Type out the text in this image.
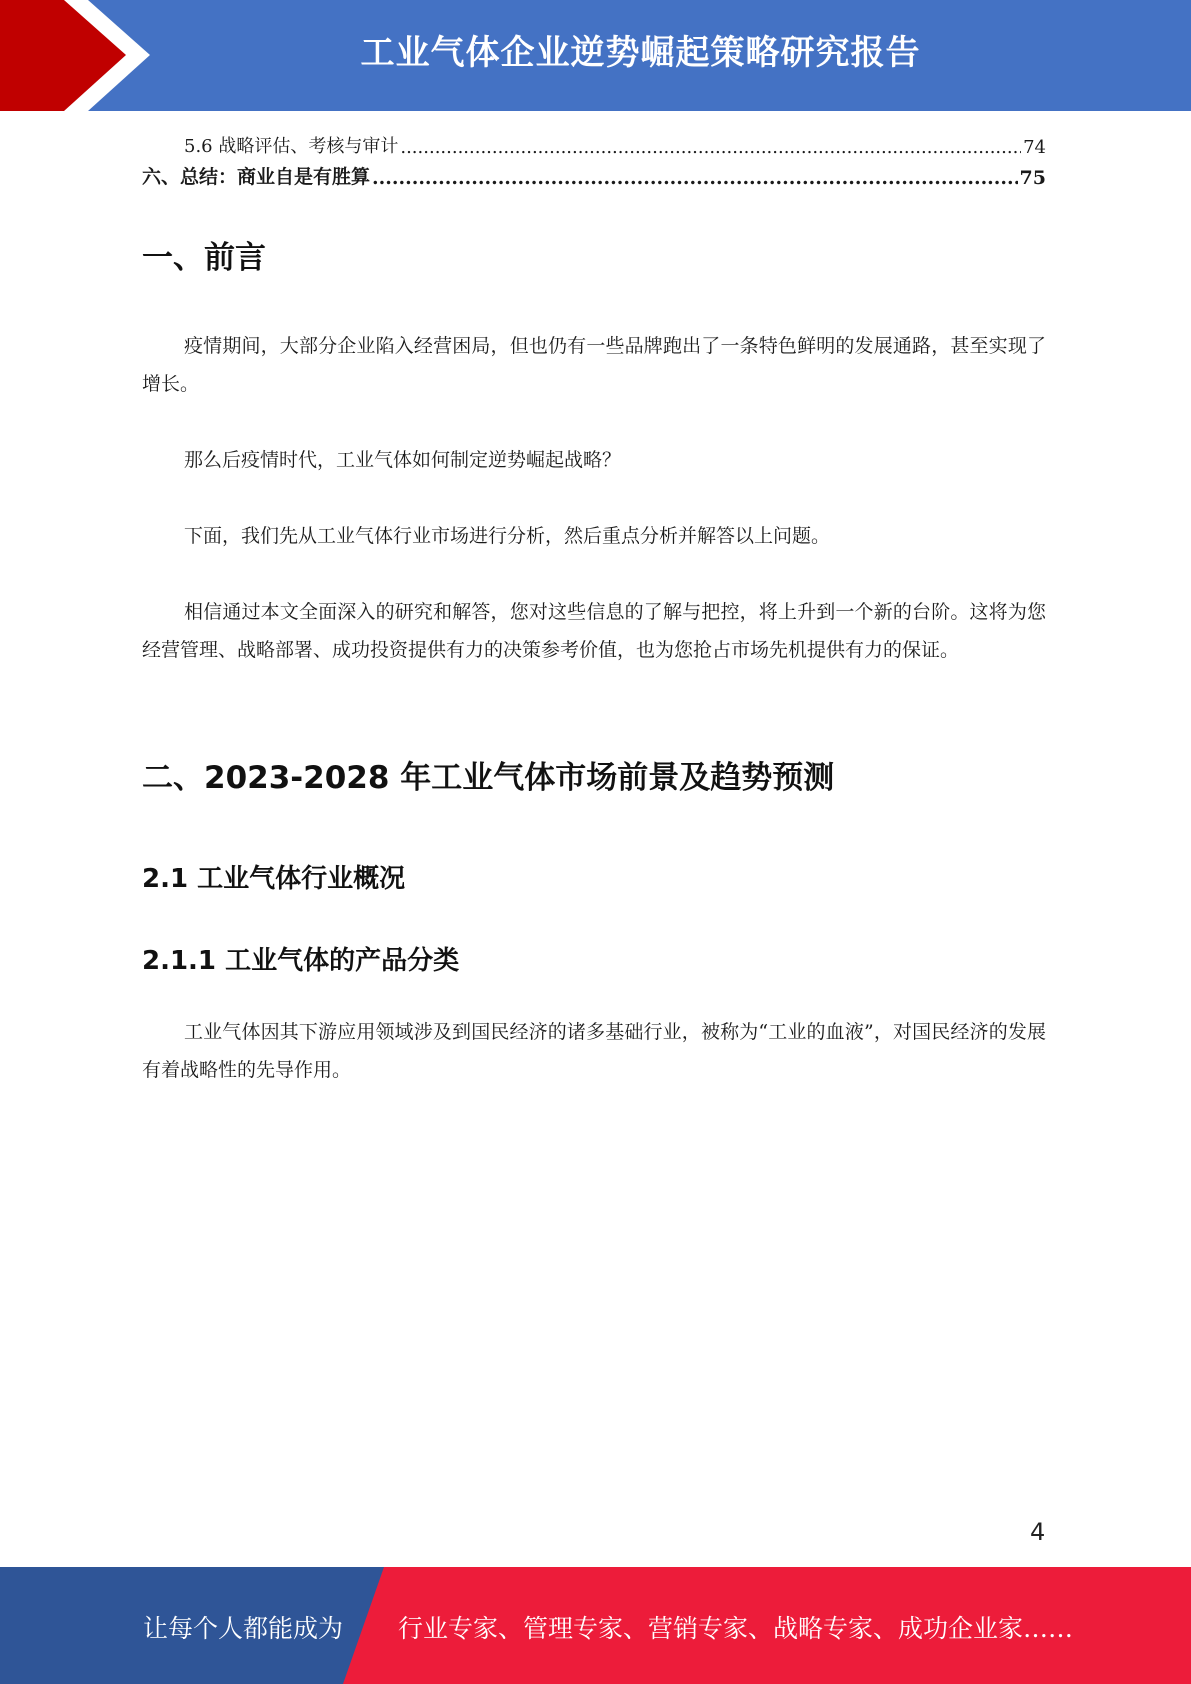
工业气体企业逆势崛起策略研究报告
5.6 战略评估、考核与审计 .....	74
六、总结：商业自是有胜算 .....	75
一、前言
疫情期间，大部分企业陷入经营困局，但也仍有一些品牌跑出了一条特色鲜明的发展通路，甚至实现了增长。
那么后疫情时代，工业气体如何制定逆势崛起战略？
下面，我们先从工业气体行业市场进行分析，然后重点分析并解答以上问题。
相信通过本文全面深入的研究和解答，您对这些信息的了解与把控，将上升到一个新的台阶。这将为您经营管理、战略部署、成功投资提供有力的决策参考价值，也为您抢占市场先机提供有力的保证。
二、2023-2028 年工业气体市场前景及趋势预测
2.1 工业气体行业概况
2.1.1 工业气体的产品分类
工业气体因其下游应用领域涉及到国民经济的诸多基础行业，被称为“工业的血液”，对国民经济的发展有着战略性的先导作用。
4
让每个人都能成为 行业专家、管理专家、营销专家、战略专家、成功企业家……
